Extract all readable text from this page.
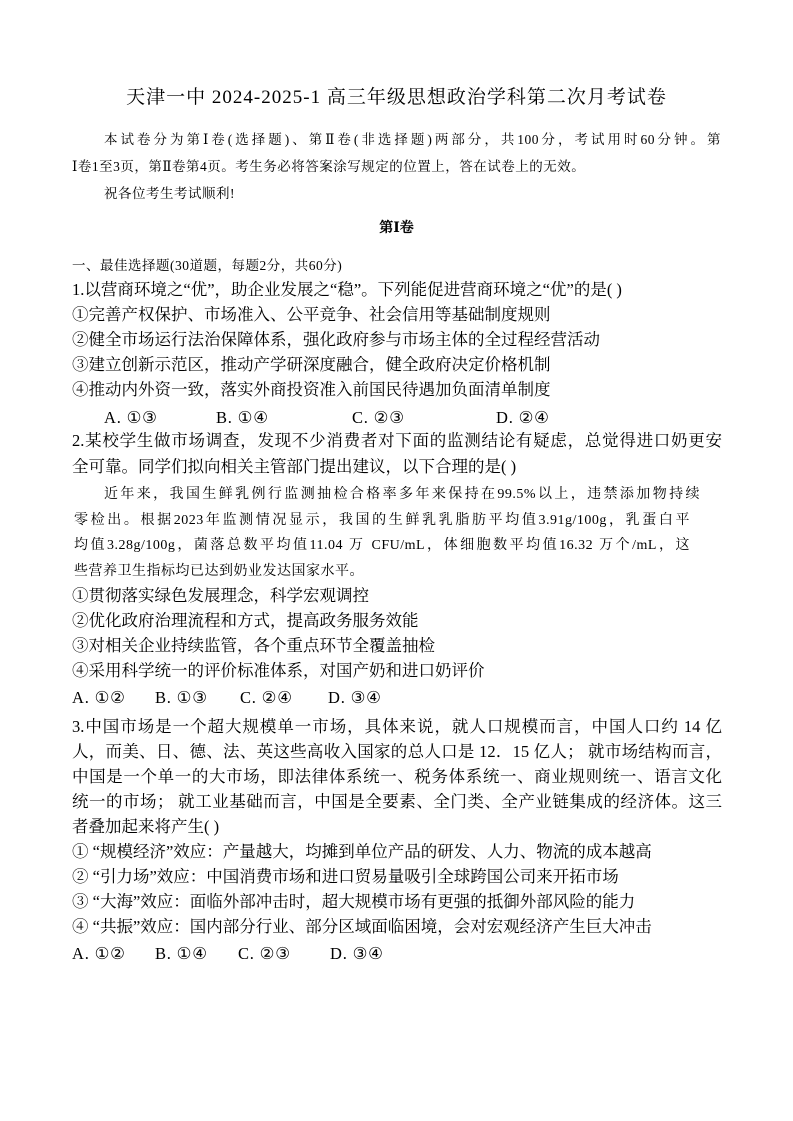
天津一中 2024-2025-1 高三年级思想政治学科第二次月考试卷
本试卷分为第Ⅰ卷(选择题)、第Ⅱ卷(非选择题)两部分，共100分，考试用时60分钟。第
Ⅰ卷1至3页，第Ⅱ卷第4页。考生务必将答案涂写规定的位置上，答在试卷上的无效。
祝各位考生考试顺利!
第Ⅰ卷
一、最佳选择题(30道题，每题2分，共60分)
1.以营商环境之“优”，助企业发展之“稳”。下列能促进营商环境之“优”的是( )
①完善产权保护、市场准入、公平竞争、社会信用等基础制度规则
②健全市场运行法治保障体系，强化政府参与市场主体的全过程经营活动
③建立创新示范区，推动产学研深度融合，健全政府决定价格机制
④推动内外资一致，落实外商投资准入前国民待遇加负面清单制度
A. ①③	B. ①④	C. ②③	D. ②④
2.某校学生做市场调查，发现不少消费者对下面的监测结论有疑虑，总觉得进口奶更安
全可靠。同学们拟向相关主管部门提出建议，以下合理的是( )
近年来，我国生鲜乳例行监测抽检合格率多年来保持在99.5%以上，违禁添加物持续
零检出。根据2023年监测情况显示，我国的生鲜乳乳脂肪平均值3.91g/100g，乳蛋白平
均值3.28g/100g，菌落总数平均值11.04 万 CFU/mL，体细胞数平均值16.32 万个/mL，这
些营养卫生指标均已达到奶业发达国家水平。
①贯彻落实绿色发展理念，科学宏观调控
②优化政府治理流程和方式，提高政务服务效能
③对相关企业持续监管，各个重点环节全覆盖抽检
④采用科学统一的评价标准体系，对国产奶和进口奶评价
A. ①② B. ①③ C. ②④ D. ③④
3.中国市场是一个超大规模单一市场，具体来说，就人口规模而言，中国人口约 14 亿
人，而美、日、德、法、英这些高收入国家的总人口是 12．15 亿人； 就市场结构而言，
中国是一个单一的大市场，即法律体系统一、税务体系统一、商业规则统一、语言文化
统一的市场； 就工业基础而言，中国是全要素、全门类、全产业链集成的经济体。这三
者叠加起来将产生( )
① “规模经济”效应：产量越大，均摊到单位产品的研发、人力、物流的成本越高
② “引力场”效应：中国消费市场和进口贸易量吸引全球跨国公司来开拓市场
③ “大海”效应：面临外部冲击时，超大规模市场有更强的抵御外部风险的能力
④ “共振”效应：国内部分行业、部分区域面临困境，会对宏观经济产生巨大冲击
A. ①② B. ①④ C. ②③ D. ③④
